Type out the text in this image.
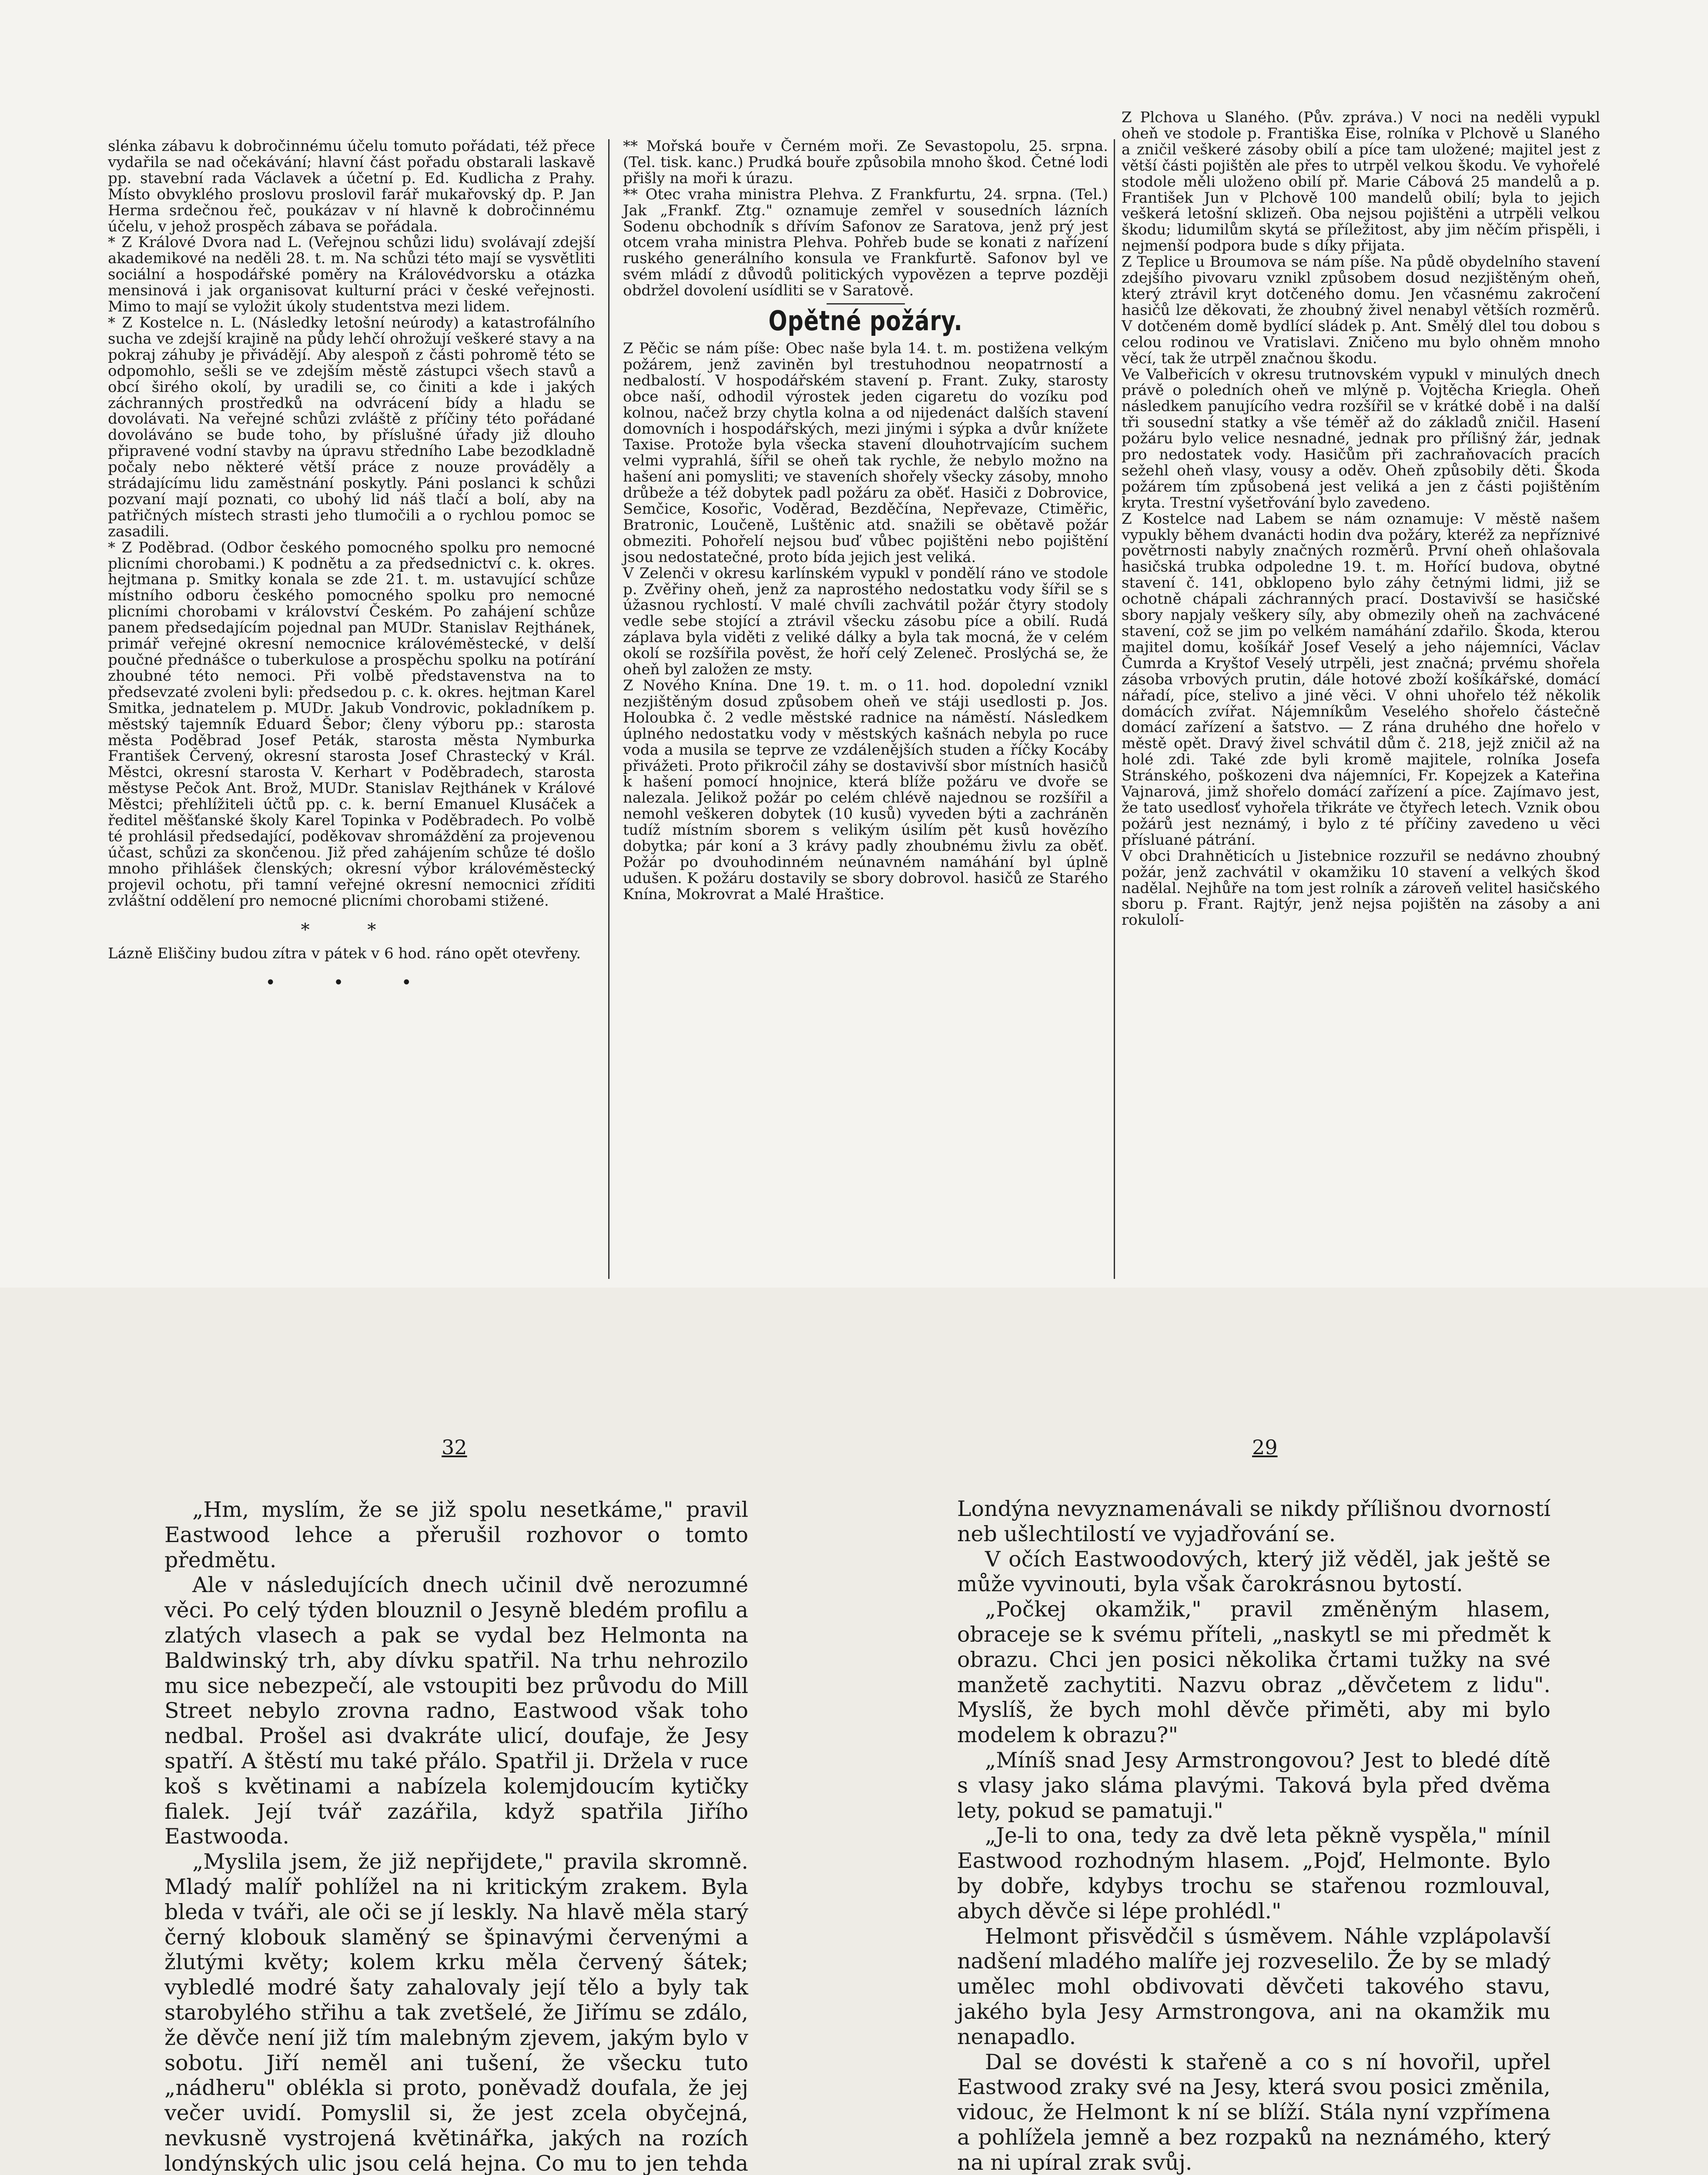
slénka zábavu k dobročinnému účelu tomuto pořádati, též přece vydařila se nad očekávání; hlavní část pořadu obstarali laskavě pp. stavební rada Václavek a účetní p. Ed. Kudlicha z Prahy. Místo obvyklého proslovu proslovil farář mukařovský dp. P. Jan Herma srdečnou řeč, poukázav v ní hlavně k dobročinnému účelu, v jehož prospěch zábava se pořádala.

* Z Králové Dvora nad L. (Veřejnou schůzi lidu) svolávají zdejší akademikové na neděli 28. t. m. Na schůzi této mají se vysvětliti sociální a hospodářské poměry na Královédvorsku a otázka mensinová i jak organisovat kulturní práci v české veřejnosti. Mimo to mají se vyložit úkoly studentstva mezi lidem.

* Z Kostelce n. L. (Následky letošní neúrody) a katastrofálního sucha ve zdejší krajině na půdy lehčí ohrožují veškeré stavy a na pokraj záhuby je přivádějí. Aby alespoň z části pohromě této se odpomohlo, sešli se ve zdejším městě zástupci všech stavů a obcí širého okolí, by uradili se, co činiti a kde i jakých záchranných prostředků na odvrácení bídy a hladu se dovolávati. Na veřejné schůzi zvláště z příčiny této pořádané dovoláváno se bude toho, by příslušné úřady již dlouho připravené vodní stavby na úpravu středního Labe bezodkladně počaly nebo některé větší práce z nouze prováděly a strádajícímu lidu zaměstnání poskytly. Páni poslanci k schůzi pozvaní mají poznati, co ubohý lid náš tlačí a bolí, aby na patřičných místech strasti jeho tlumočili a o rychlou pomoc se zasadili.

* Z Poděbrad. (Odbor českého pomocného spolku pro nemocné plicními chorobami.) K podnětu a za předsednictví c. k. okres. hejtmana p. Smitky konala se zde 21. t. m. ustavující schůze místního odboru českého pomocného spolku pro nemocné plicními chorobami v království Českém. Po zahájení schůze panem předsedajícím pojednal pan MUDr. Stanislav Rejthánek, primář veřejné okresní nemocnice královéměstecké, v delší poučné přednášce o tuberkulose a prospěchu spolku na potírání zhoubné této nemoci. Při volbě představenstva na to předsevzaté zvoleni byli: předsedou p. c. k. okres. hejtman Karel Smitka, jednatelem p. MUDr. Jakub Vondrovic, pokladníkem p. městský tajemník Eduard Šebor; členy výboru pp.: starosta města Poděbrad Josef Peták, starosta města Nymburka František Červený, okresní starosta Josef Chrastecký v Král. Městci, okresní starosta V. Kerhart v Poděbradech, starosta městyse Pečok Ant. Brož, MUDr. Stanislav Rejthánek v Králové Městci; přehlížiteli účtů pp. c. k. berní Emanuel Klusáček a ředitel měšťanské školy Karel Topinka v Poděbradech. Po volbě té prohlásil předsedající, poděkovav shromáždění za projevenou účast, schůzi za skončenou. Již před zahájením schůze té došlo mnoho přihlášek členských; okresní výbor královéměstecký projevil ochotu, při tamní veřejné okresní nemocnici zříditi zvláštní oddělení pro nemocné plicními chorobami stižené.

* *

Lázně Eliščiny budou zítra v pátek v 6 hod. ráno opět otevřeny.

• • •

** Mořská bouře v Černém moři. Ze Sevastopolu, 25. srpna. (Tel. tisk. kanc.) Prudká bouře způsobila mnoho škod. Četné lodi přišly na moři k úrazu.

** Otec vraha ministra Plehva. Z Frankfurtu, 24. srpna. (Tel.) Jak „Frankf. Ztg." oznamuje zemřel v sousedních lázních Sodenu obchodník s dřívím Safonov ze Saratova, jenž prý jest otcem vraha ministra Plehva. Pohřeb bude se konati z nařízení ruského generálního konsula ve Frankfurtě. Safonov byl ve svém mládí z důvodů politických vypovězen a teprve později obdržel dovolení usídliti se v Saratově.

Opětné požáry.

Z Pěčic se nám píše: Obec naše byla 14. t. m. postižena velkým požárem, jenž zaviněn byl trestuhodnou neopatrností a nedbalostí. V hospodářském stavení p. Frant. Zuky, starosty obce naší, odhodil výrostek jeden cigaretu do vozíku pod kolnou, načež brzy chytla kolna a od nijedenáct dalších stavení domovních i hospodářských, mezi jinými i sýpka a dvůr knížete Taxise. Protože byla všecka stavení dlouhotrvajícím suchem velmi vyprahlá, šířil se oheň tak rychle, že nebylo možno na hašení ani pomysliti; ve staveních shořely všecky zásoby, mnoho drůbeže a též dobytek padl požáru za oběť. Hasiči z Dobrovice, Semčice, Kosořic, Voděrad, Bezděčína, Nepřevaze, Ctiměřic, Bratronic, Loučeně, Luštěnic atd. snažili se obětavě požár obmeziti. Pohořelí nejsou buď vůbec pojištěni nebo pojištění jsou nedostatečné, proto bída jejich jest veliká.

V Zelenči v okresu karlínském vypukl v pondělí ráno ve stodole p. Zvěřiny oheň, jenž za naprostého nedostatku vody šířil se s úžasnou rychlostí. V malé chvíli zachvátil požár čtyry stodoly vedle sebe stojící a ztrávil všecku zásobu píce a obilí. Rudá záplava byla viděti z veliké dálky a byla tak mocná, že v celém okolí se rozšířila pověst, že hoří celý Zeleneč. Proslýchá se, že oheň byl založen ze msty.

Z Nového Knína. Dne 19. t. m. o 11. hod. dopolední vznikl nezjištěným dosud způsobem oheň ve stáji usedlosti p. Jos. Holoubka č. 2 vedle městské radnice na náměstí. Následkem úplného nedostatku vody v městských kašnách nebyla po ruce voda a musila se teprve ze vzdálenějších studen a říčky Kocáby přivážeti. Proto přikročil záhy se dostavivší sbor místních hasičů k hašení pomocí hnojnice, která blíže požáru ve dvoře se nalezala. Jelikož požár po celém chlévě najednou se rozšířil a nemohl veškeren dobytek (10 kusů) vyveden býti a zachráněn tudíž místním sborem s velikým úsilím pět kusů hovězího dobytka; pár koní a 3 krávy padly zhoubnému živlu za oběť. Požár po dvouhodinném neúnavném namáhání byl úplně udušen. K požáru dostavily se sbory dobrovol. hasičů ze Starého Knína, Mokrovrat a Malé Hraštice.

Z Plchova u Slaného. (Pův. zpráva.) V noci na neděli vypukl oheň ve stodole p. Františka Eise, rolníka v Plchově u Slaného a zničil veškeré zásoby obilí a píce tam uložené; majitel jest z větší části pojištěn ale přes to utrpěl velkou škodu. Ve vyhořelé stodole měli uloženo obilí př. Marie Cábová 25 mandelů a p. František Jun v Plchově 100 mandelů obilí; byla to jejich veškerá letošní sklizeň. Oba nejsou pojištěni a utrpěli velkou škodu; lidumilům skytá se příležitost, aby jim něčím přispěli, i nejmenší podpora bude s díky přijata.

Z Teplice u Broumova se nám píše. Na půdě obydelního stavení zdejšího pivovaru vznikl způsobem dosud nezjištěným oheň, který ztrávil kryt dotčeného domu. Jen včasnému zakročení hasičů lze děkovati, že zhoubný živel nenabyl větších rozměrů. V dotčeném domě bydlící sládek p. Ant. Smělý dlel tou dobou s celou rodinou ve Vratislavi. Zničeno mu bylo ohněm mnoho věcí, tak že utrpěl značnou škodu.

Ve Valbeřicích v okresu trutnovském vypukl v minulých dnech právě o poledních oheň ve mlýně p. Vojtěcha Kriegla. Oheň následkem panujícího vedra rozšířil se v krátké době i na další tři sousední statky a vše téměř až do základů zničil. Hasení požáru bylo velice nesnadné, jednak pro přílišný žár, jednak pro nedostatek vody. Hasičům při zachraňovacích pracích sežehl oheň vlasy, vousy a oděv. Oheň způsobily děti. Škoda požárem tím způsobená jest veliká a jen z části pojištěním kryta. Trestní vyšetřování bylo zavedeno.

Z Kostelce nad Labem se nám oznamuje: V městě našem vypukly během dvanácti hodin dva požáry, kteréž za nepříznivé povětrnosti nabyly značných rozměrů. První oheň ohlašovala hasičská trubka odpoledne 19. t. m. Hořící budova, obytné stavení č. 141, obklopeno bylo záhy četnými lidmi, již se ochotně chápali záchranných prací. Dostavivší se hasičské sbory napjaly veškery síly, aby obmezily oheň na zachvácené stavení, což se jim po velkém namáhání zdařilo. Škoda, kterou majitel domu, košíkář Josef Veselý a jeho nájemníci, Václav Čumrda a Kryštof Veselý utrpěli, jest značná; prvému shořela zásoba vrbových prutin, dále hotové zboží košíkářské, domácí nářadí, píce, stelivo a jiné věci. V ohni uhořelo též několik domácích zvířat. Nájemníkům Veselého shořelo částečně domácí zařízení a šatstvo. — Z rána druhého dne hořelo v městě opět. Dravý živel schvátil dům č. 218, jejž zničil až na holé zdi. Také zde byli kromě majitele, rolníka Josefa Stránského, poškozeni dva nájemníci, Fr. Kopejzek a Kateřina Vajnarová, jimž shořelo domácí zařízení a píce. Zajímavo jest, že tato usedlosť vyhořela třikráte ve čtyřech letech. Vznik obou požárů jest neznámý, i bylo z té příčiny zavedeno u věci přísluané pátrání.

V obci Drahněticích u Jistebnice rozzuřil se nedávno zhoubný požár, jenž zachvátil v okamžiku 10 stavení a velkých škod nadělal. Nejhůře na tom jest rolník a zároveň velitel hasičského sboru p. Frant. Rajtýr, jenž nejsa pojištěn na zásoby a ani rokulolí-

32	29

„Hm, myslím, že se již spolu nesetkáme," pravil Eastwood lehce a přerušil rozhovor o tomto předmětu.

Ale v následujících dnech učinil dvě nerozumné věci. Po celý týden blouznil o Jesyně bledém profilu a zlatých vlasech a pak se vydal bez Helmonta na Baldwinský trh, aby dívku spatřil. Na trhu nehrozilo mu sice nebezpečí, ale vstoupiti bez průvodu do Mill Street nebylo zrovna radno, Eastwood však toho nedbal. Prošel asi dvakráte ulicí, doufaje, že Jesy spatří. A štěstí mu také přálo. Spatřil ji. Držela v ruce koš s květinami a nabízela kolemjdoucím kytičky fialek. Její tvář zazářila, když spatřila Jiřího Eastwooda.

„Myslila jsem, že již nepřijdete," pravila skromně. Mladý malíř pohlížel na ni kritickým zrakem. Byla bleda v tváři, ale oči se jí leskly. Na hlavě měla starý černý klobouk slaměný se špinavými červenými a žlutými květy; kolem krku měla červený šátek; vybledlé modré šaty zahalovaly její tělo a byly tak starobylého střihu a tak zvetšelé, že Jiřímu se zdálo, že děvče není již tím malebným zjevem, jakým bylo v sobotu. Jiří neměl ani tušení, že všecku tuto „nádheru" oblékla si proto, poněvadž doufala, že jej večer uvidí. Pomyslil si, že jest zcela obyčejná, nevkusně vystrojená květinářka, jakých na rozích londýnských ulic jsou celá hejna. Co mu to jen tehda

Londýna nevyznamenávali se nikdy přílišnou dvorností neb ušlechtilostí ve vyjadřování se.

V očích Eastwoodových, který již věděl, jak ještě se může vyvinouti, byla však čarokrásnou bytostí.

„Počkej okamžik," pravil změněným hlasem, obraceje se k svému příteli, „naskytl se mi předmět k obrazu. Chci jen posici několika črtami tužky na své manžetě zachytiti. Nazvu obraz „děvčetem z lidu". Myslíš, že bych mohl děvče přiměti, aby mi bylo modelem k obrazu?"

„Míníš snad Jesy Armstrongovou? Jest to bledé dítě s vlasy jako sláma plavými. Taková byla před dvěma lety, pokud se pamatuji."

„Je-li to ona, tedy za dvě leta pěkně vyspěla," mínil Eastwood rozhodným hlasem. „Pojď, Helmonte. Bylo by dobře, kdybys trochu se stařenou rozmlouval, abych děvče si lépe prohlédl."

Helmont přisvědčil s úsměvem. Náhle vzplápolavší nadšení mladého malíře jej rozveselilo. Že by se mladý umělec mohl obdivovati děvčeti takového stavu, jakého byla Jesy Armstrongova, ani na okamžik mu nenapadlo.

Dal se dovésti k stařeně a co s ní hovořil, upřel Eastwood zraky své na Jesy, která svou posici změnila, vidouc, že Helmont k ní se blíží. Stála nyní vzpřímena a pohlížela jemně a bez rozpaků na neznámého, který na ni upíral zrak svůj.
